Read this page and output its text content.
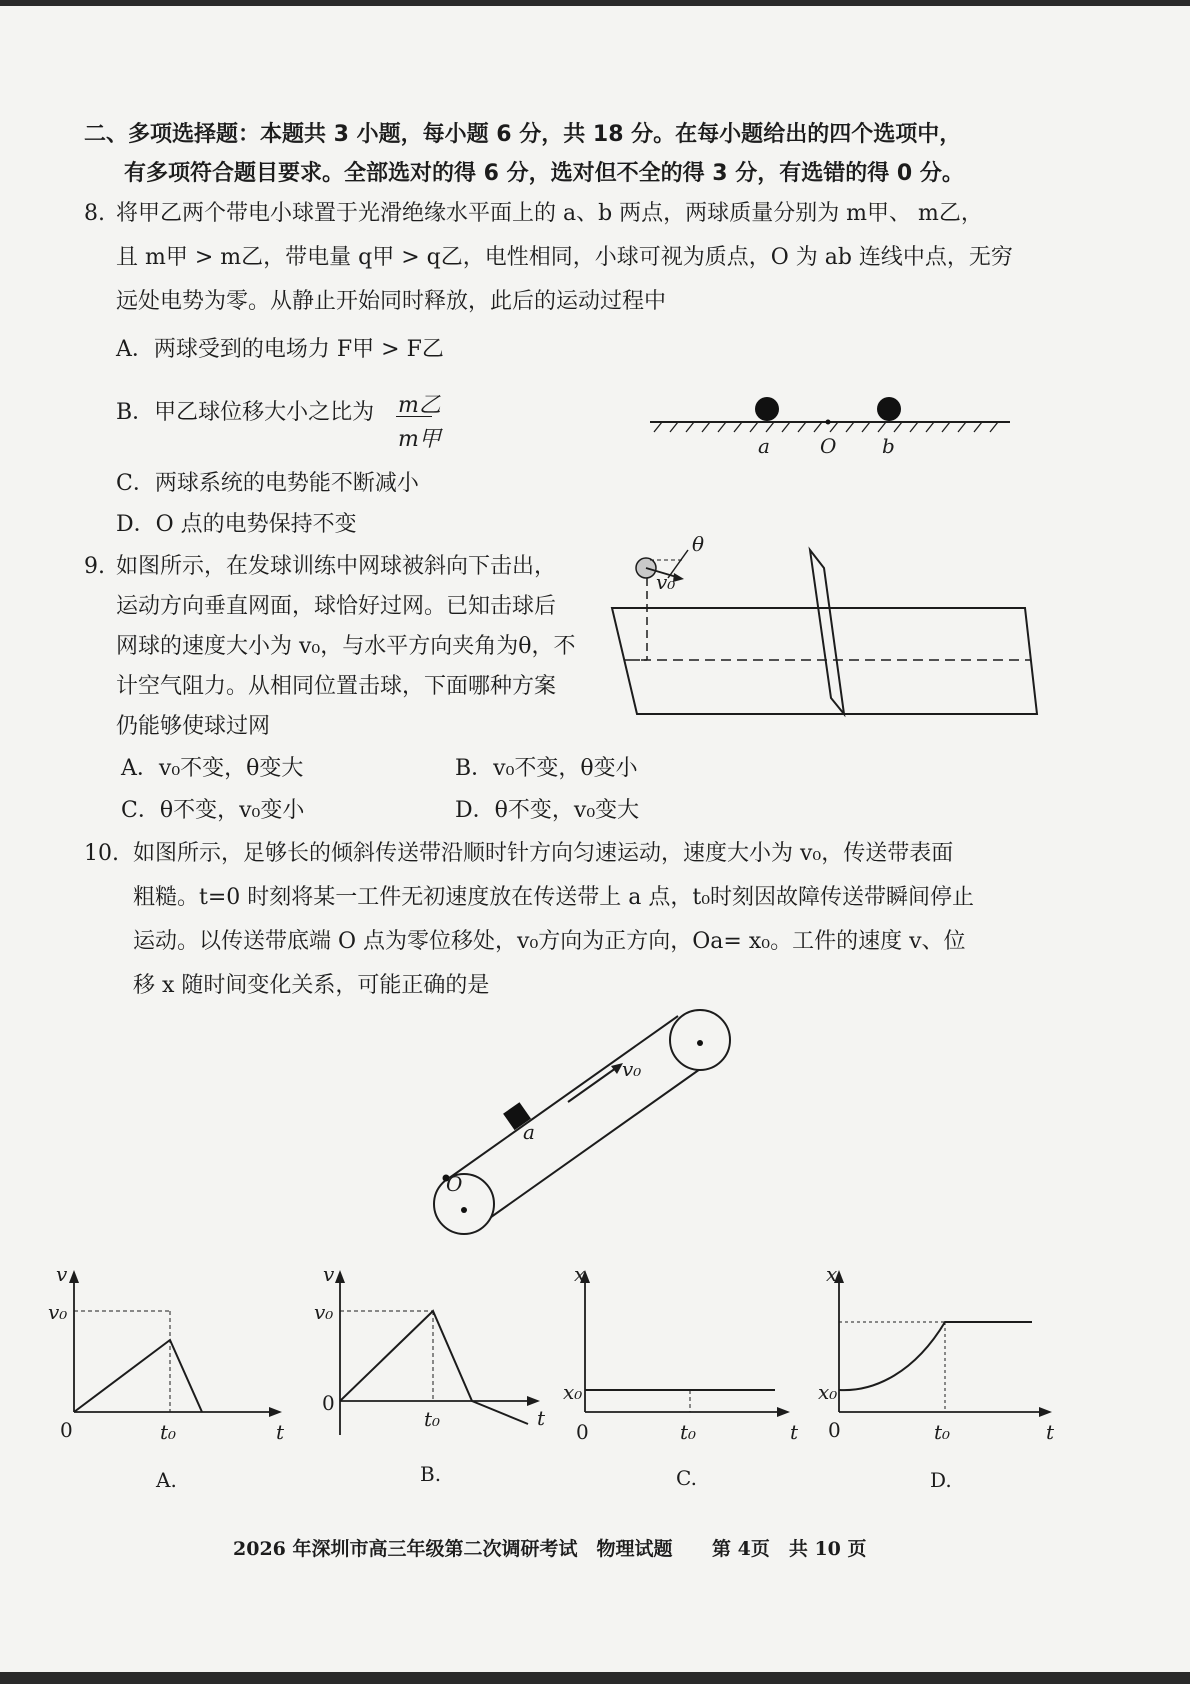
二、多项选择题：本题共 3 小题，每小题 6 分，共 18 分。在每小题给出的四个选项中，
有多项符合题目要求。全部选对的得 6 分，选对但不全的得 3 分，有选错的得 0 分。
8. 将甲乙两个带电小球置于光滑绝缘水平面上的 a、b 两点，两球质量分别为 m甲、 m乙，
且 m甲 > m乙，带电量 q甲 > q乙，电性相同，小球可视为质点，O 为 ab 连线中点，无穷
远处电势为零。从静止开始同时释放，此后的运动过程中
A．两球受到的电场力 F甲 > F乙
B．甲乙球位移大小之比为 m乙
m甲
C．两球系统的电势能不断减小
D．O 点的电势保持不变
a	O b
9. 如图所示，在发球训练中网球被斜向下击出，
运动方向垂直网面，球恰好过网。已知击球后
网球的速度大小为 v₀，与水平方向夹角为θ，不
计空气阻力。从相同位置击球，下面哪种方案
仍能够使球过网
A．v₀不变，θ变大	B．v₀不变，θ变小
C．θ不变，v₀变小	D．θ不变，v₀变大
θ
v₀
10. 如图所示，足够长的倾斜传送带沿顺时针方向匀速运动，速度大小为 v₀，传送带表面
粗糙。t=0 时刻将某一工件无初速度放在传送带上 a 点，t₀时刻因故障传送带瞬间停止
运动。以传送带底端 O 点为零位移处，v₀方向为正方向，Oa= x₀。工件的速度 v、位
移 x 随时间变化关系，可能正确的是
v₀
a
O
v
v₀
0	t₀	t
A.
v
v₀
0
t₀	t
B.
x
x₀
0	t₀	t
C.
x
x₀
0	t₀	t
D.
2026 年深圳市高三年级第二次调研考试　物理试题 第 4页　共 10 页
